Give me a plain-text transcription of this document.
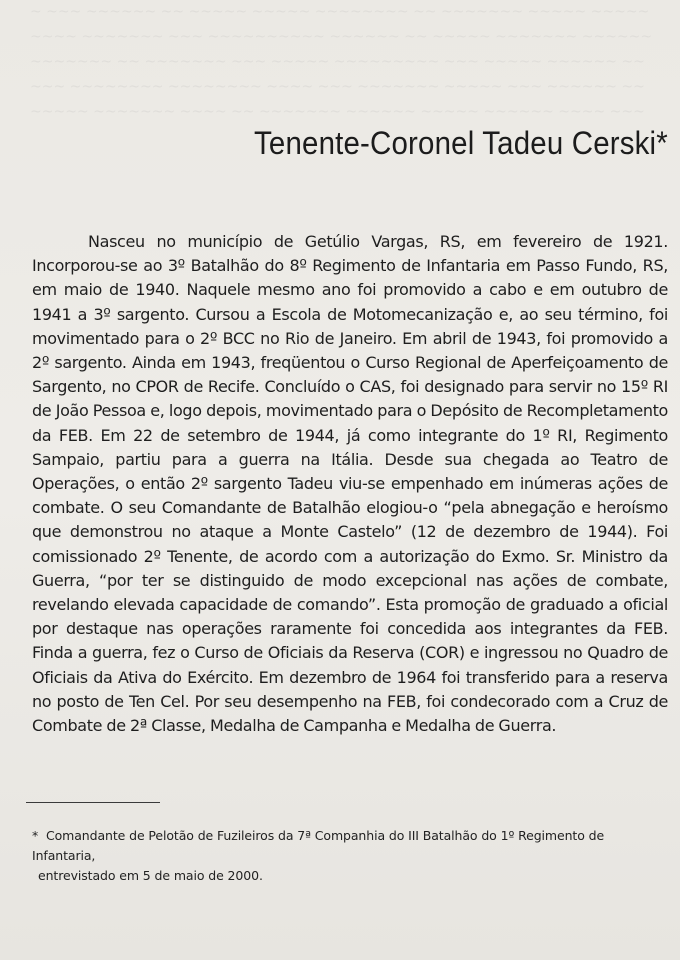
~ ~~~ ~~~~~~ ~~ ~~~~~ ~~~~~ ~~~~~~~~ ~~ ~~~~~~~ ~~~~~ ~~~~~
~~~~ ~~~~~~~ ~~~ ~~~~~~~~~~ ~~~~~~ ~~ ~~~~~ ~~~~~~~ ~~~~~~
~~~~~~~ ~~ ~~~~~~~ ~~~ ~~~~~ ~~~~~~~~~ ~~~ ~~~~~ ~~~~~~ ~~
~~~ ~~~~~~~~ ~~~~~~~~ ~~~~ ~~~ ~~~~~~~ ~~~~~ ~~~ ~~~~~~ ~~
~~~~~ ~~~~~~~ ~~~~ ~~ ~~~~~~~ ~~~~~~ ~~~~~ ~~~~~~ ~~~~ ~~~
Tenente-Coronel Tadeu Cerski*

Nasceu no município de Getúlio Vargas, RS, em fevereiro de 1921. Incorporou-se ao 3º Batalhão do 8º Regimento de Infantaria em Passo Fundo, RS, em maio de 1940. Naquele mesmo ano foi promovido a cabo e em outubro de 1941 a 3º sargento. Cursou a Escola de Motomecanização e, ao seu término, foi movimentado para o 2º BCC no Rio de Janeiro. Em abril de 1943, foi promovido a 2º sargento. Ainda em 1943, freqüentou o Curso Regional de Aperfeiçoamento de Sargento, no CPOR de Recife. Concluído o CAS, foi designado para servir no 15º RI de João Pessoa e, logo depois, movimentado para o Depósito de Recompletamento da FEB. Em 22 de setembro de 1944, já como integrante do 1º RI, Regimento Sampaio, partiu para a guerra na Itália. Desde sua chegada ao Teatro de Operações, o então 2º sargento Tadeu viu-se empenhado em inúmeras ações de combate. O seu Comandante de Batalhão elogiou-o “pela abnegação e heroísmo que demonstrou no ataque a Monte Castelo” (12 de dezembro de 1944). Foi comissionado 2º Tenente, de acordo com a autorização do Exmo. Sr. Ministro da Guerra, “por ter se distinguido de modo excepcional nas ações de combate, revelando elevada capacidade de comando”. Esta promoção de graduado a oficial por destaque nas operações raramente foi concedida aos integrantes da FEB. Finda a guerra, fez o Curso de Oficiais da Reserva (COR) e ingressou no Quadro de Oficiais da Ativa do Exército. Em dezembro de 1964 foi transferido para a reserva no posto de Ten Cel. Por seu desempenho na FEB, foi condecorado com a Cruz de Combate de 2ª Classe, Medalha de Campanha e Medalha de Guerra.

* Comandante de Pelotão de Fuzileiros da 7ª Companhia do III Batalhão do 1º Regimento de Infantaria,
entrevistado em 5 de maio de 2000.
